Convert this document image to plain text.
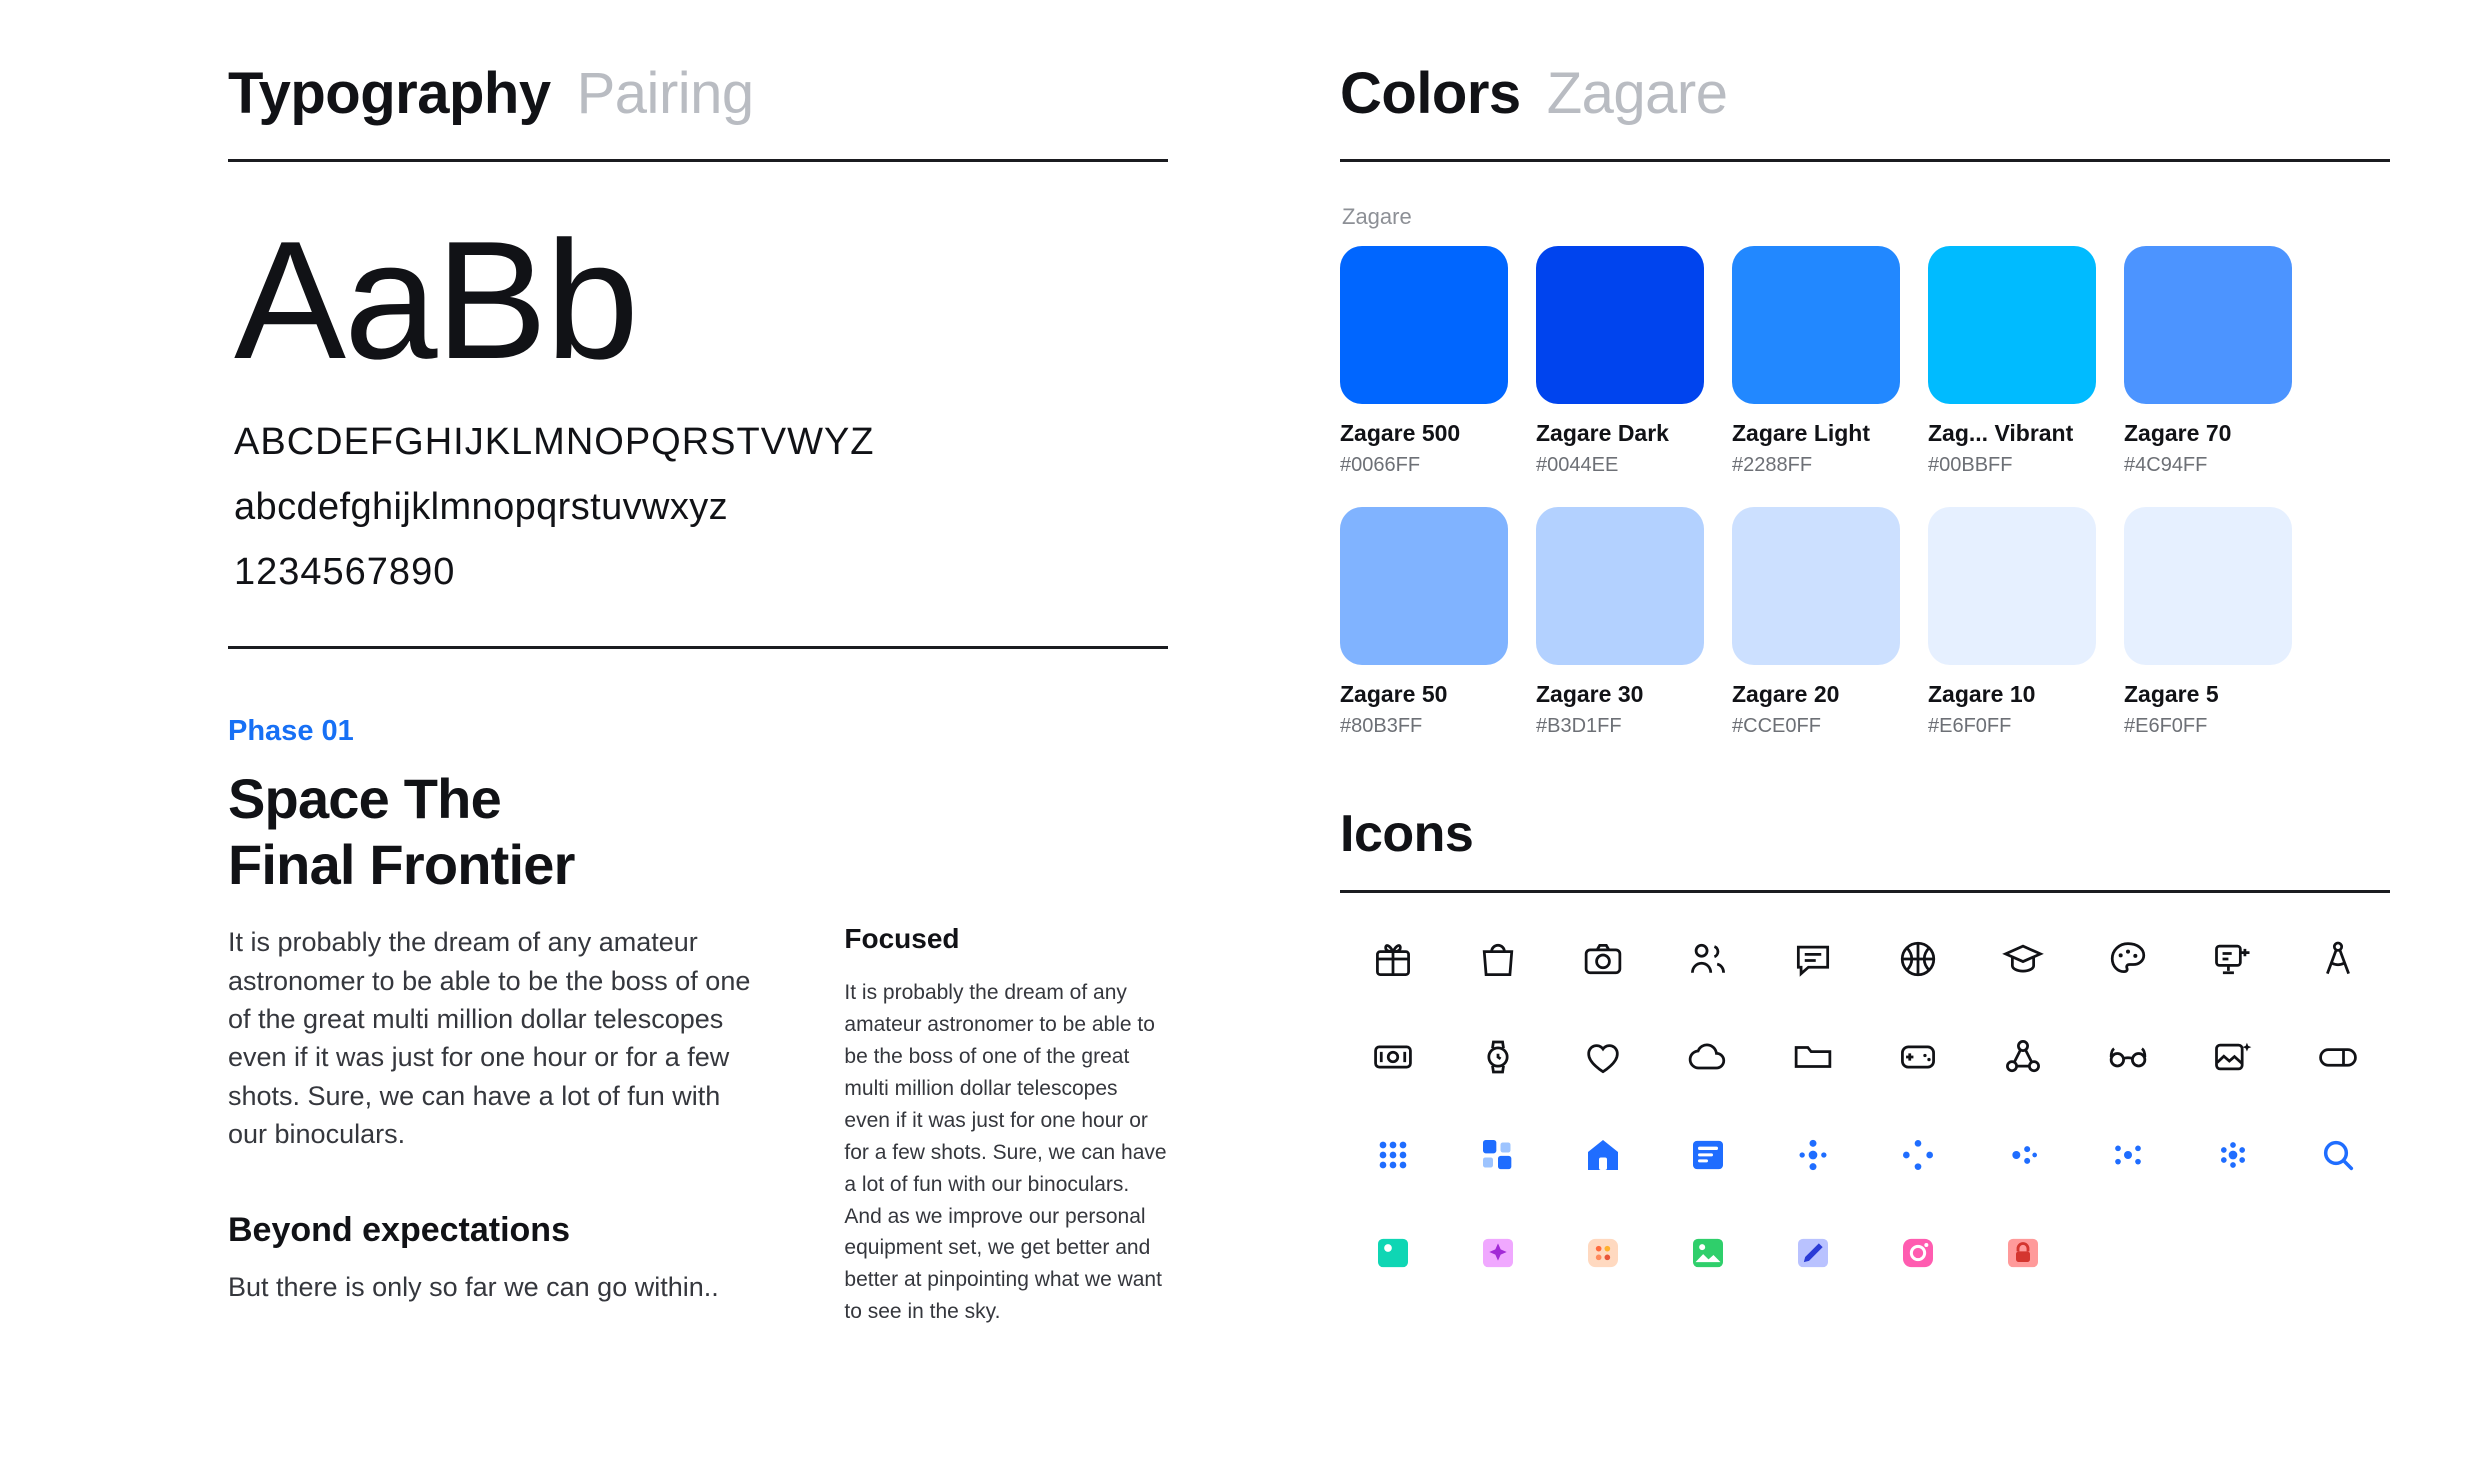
Typography Pairing
AaBb
ABCDEFGHIJKLMNOPQRSTVWYZ
abcdefghijklmnopqrstuvwxyz
1234567890
Phase 01
Space The
Final Frontier
It is probably the dream of any amateur astronomer to be able to be the boss of one of the great multi million dollar telescopes even if it was just for one hour or for a few shots. Sure, we can have a lot of fun with our binoculars.
Beyond expectations
But there is only so far we can go within..
Focused
It is probably the dream of any amateur astronomer to be able to be the boss of one of the great multi million dollar telescopes even if it was just for one hour or for a few shots. Sure, we can have a lot of fun with our binoculars. And as we improve our personal equipment set, we get better and better at pinpointing what we want to see in the sky.
Colors Zagare
Zagare
Zagare 500
#0066FF
Zagare Dark
#0044EE
Zagare Light
#2288FF
Zag... Vibrant
#00BBFF
Zagare 70
#4C94FF
Zagare 50
#80B3FF
Zagare 30
#B3D1FF
Zagare 20
#CCE0FF
Zagare 10
#E6F0FF
Zagare 5
#E6F0FF
Icons
